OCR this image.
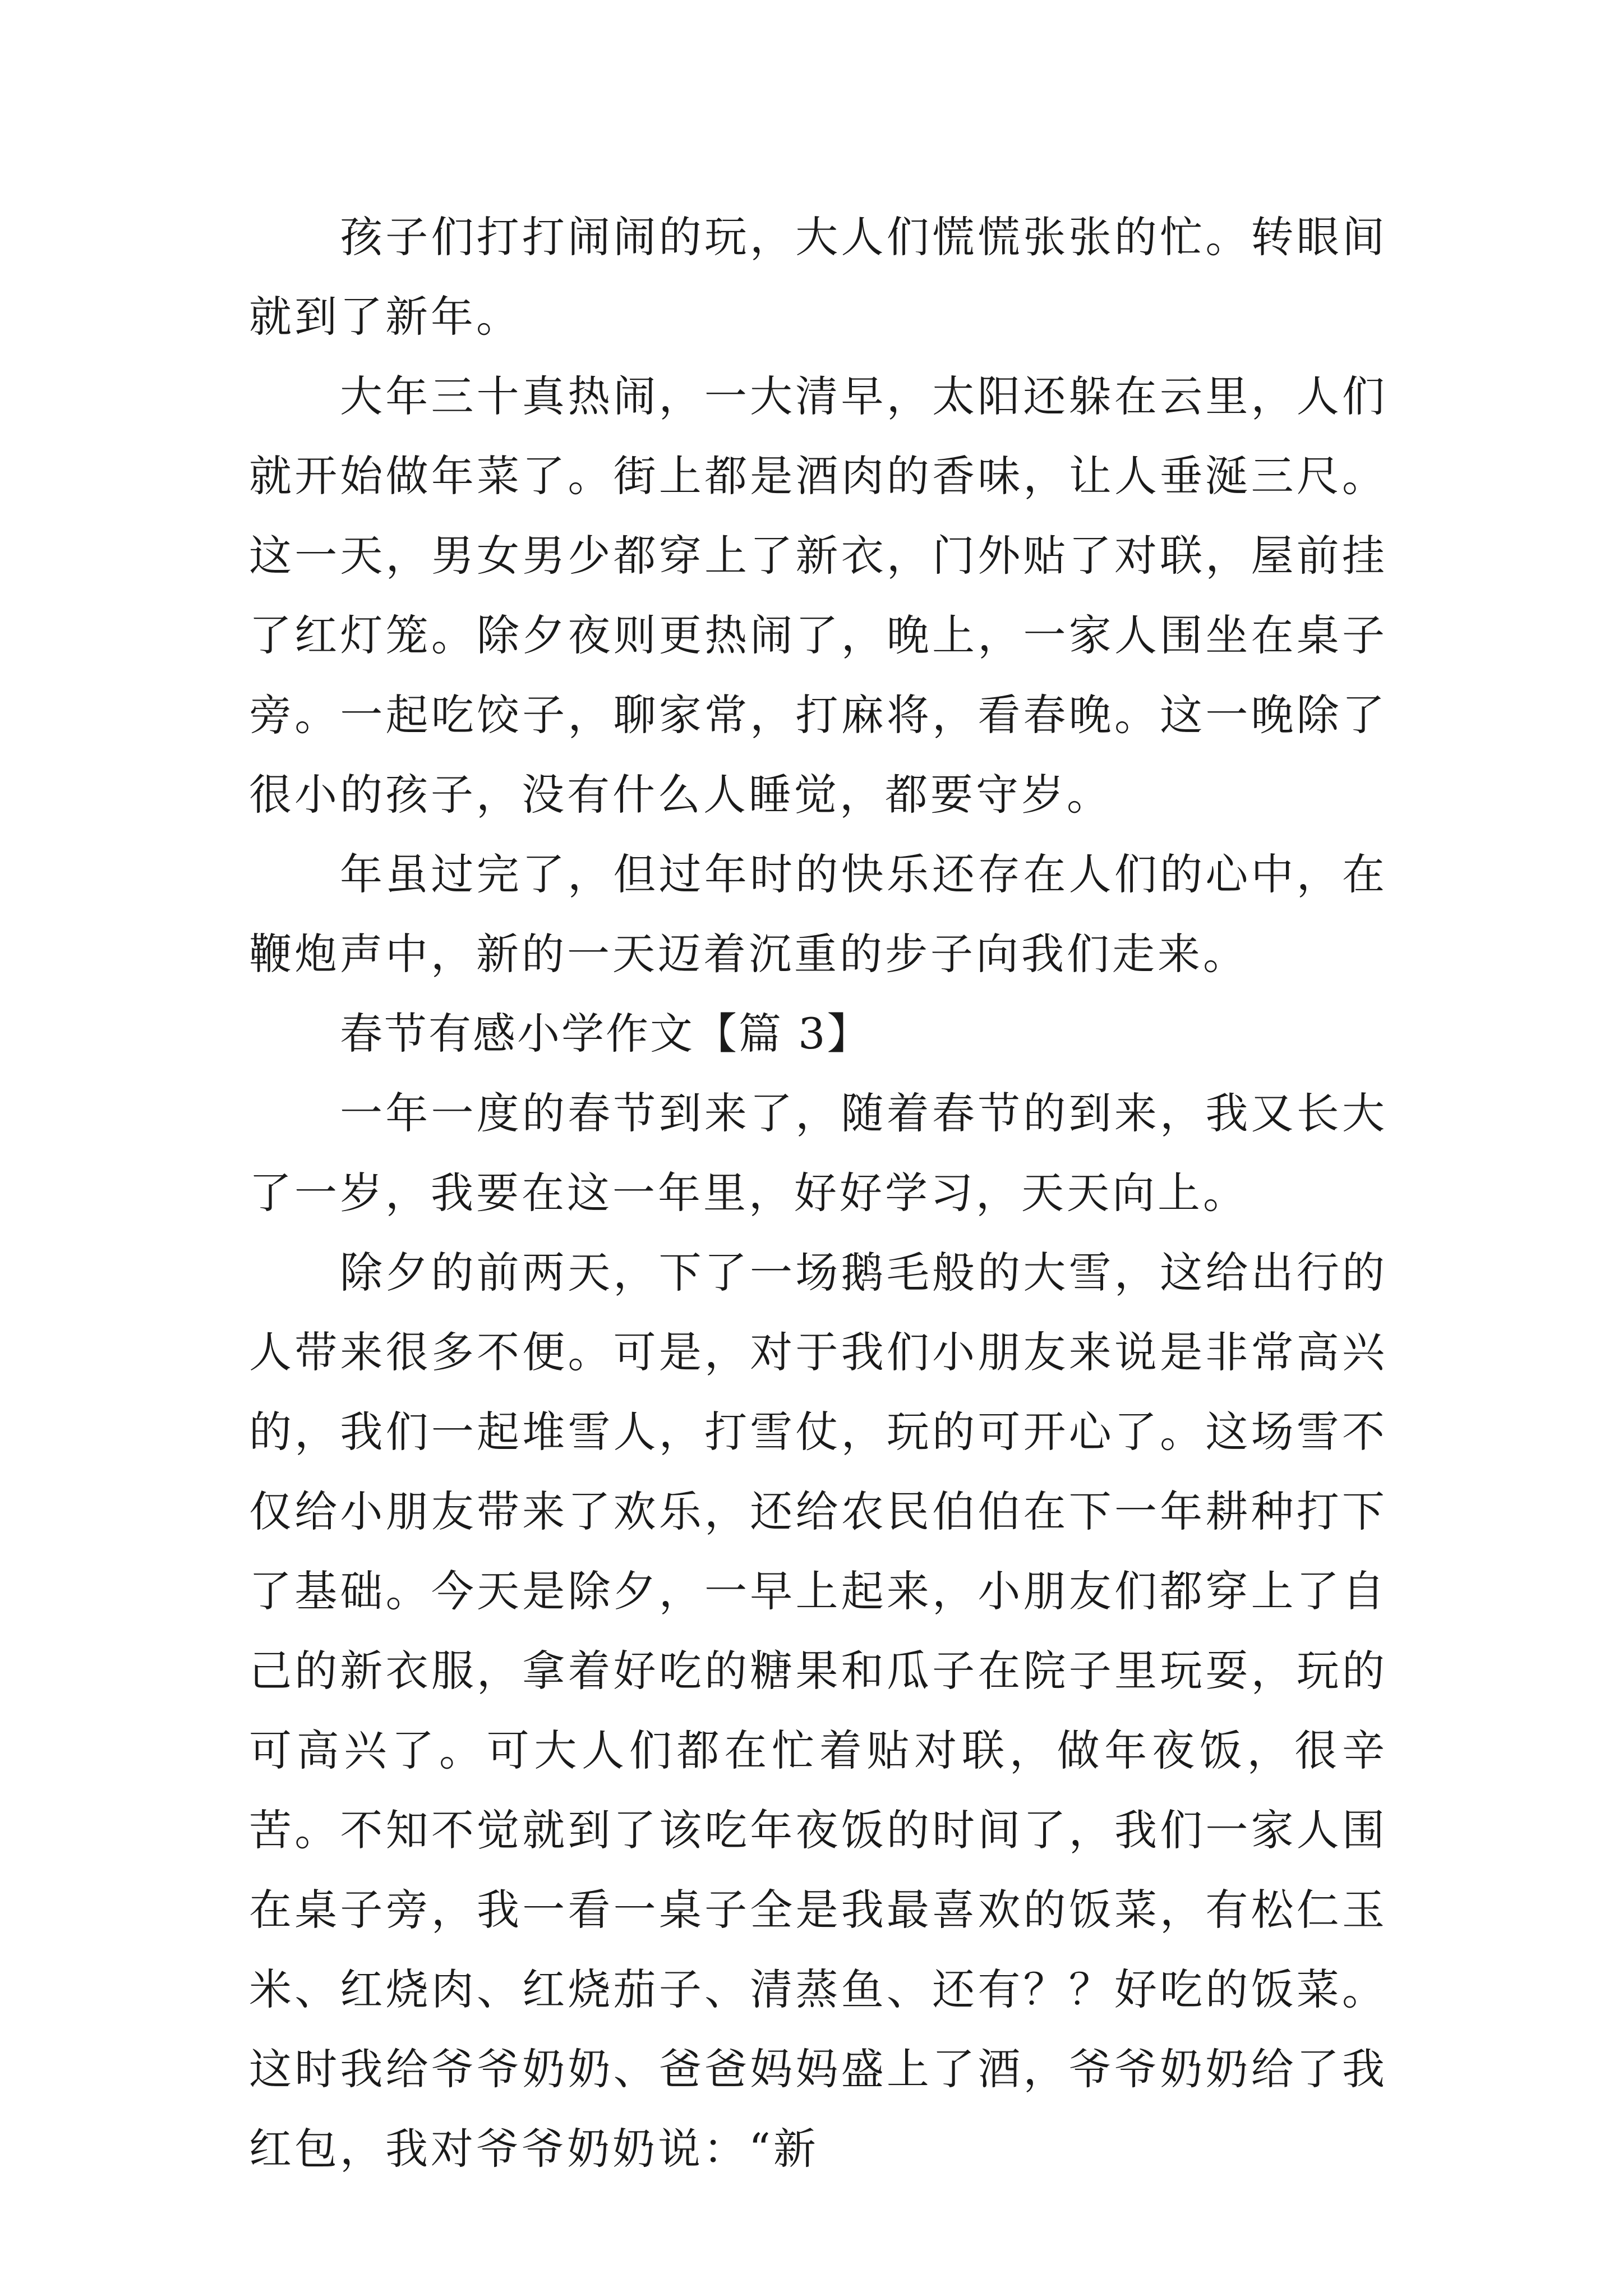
孩子们打打闹闹的玩，大人们慌慌张张的忙。转眼间就到了新年。

大年三十真热闹，一大清早，太阳还躲在云里，人们就开始做年菜了。街上都是酒肉的香味，让人垂涎三尺。这一天，男女男少都穿上了新衣，门外贴了对联，屋前挂了红灯笼。除夕夜则更热闹了，晚上，一家人围坐在桌子旁。一起吃饺子，聊家常，打麻将，看春晚。这一晚除了很小的孩子，没有什么人睡觉，都要守岁。

年虽过完了，但过年时的快乐还存在人们的心中，在鞭炮声中，新的一天迈着沉重的步子向我们走来。

春节有感小学作文【篇 3】

一年一度的春节到来了，随着春节的到来，我又长大了一岁，我要在这一年里，好好学习，天天向上。

除夕的前两天，下了一场鹅毛般的大雪，这给出行的人带来很多不便。可是，对于我们小朋友来说是非常高兴的，我们一起堆雪人，打雪仗，玩的可开心了。这场雪不仅给小朋友带来了欢乐，还给农民伯伯在下一年耕种打下了基础。今天是除夕，一早上起来，小朋友们都穿上了自己的新衣服，拿着好吃的糖果和瓜子在院子里玩耍，玩的可高兴了。可大人们都在忙着贴对联，做年夜饭，很辛苦。不知不觉就到了该吃年夜饭的时间了，我们一家人围在桌子旁，我一看一桌子全是我最喜欢的饭菜，有松仁玉米、红烧肉、红烧茄子、清蒸鱼、还有？？好吃的饭菜。这时我给爷爷奶奶、爸爸妈妈盛上了酒，爷爷奶奶给了我红包，我对爷爷奶奶说：“新
